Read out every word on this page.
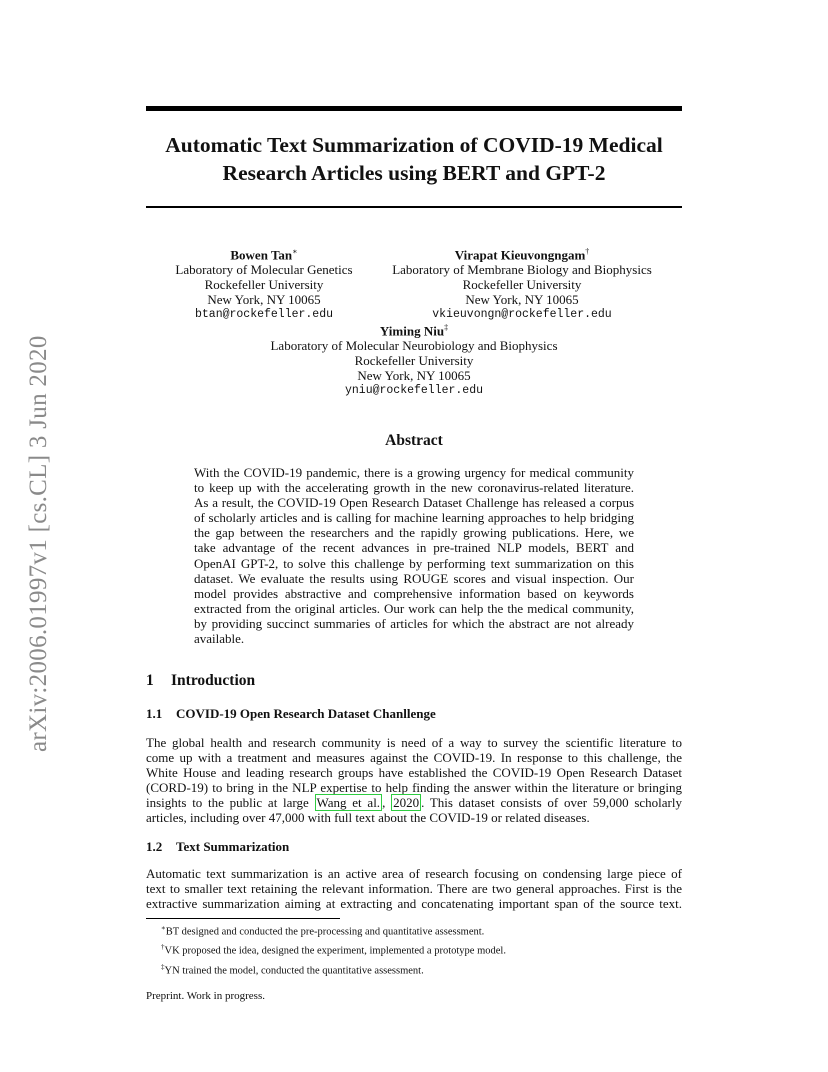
arXiv:2006.01997v1 [cs.CL] 3 Jun 2020
Automatic Text Summarization of COVID-19 Medical
Research Articles using BERT and GPT-2
Bowen Tan∗
Laboratory of Molecular Genetics
Rockefeller University
New York, NY 10065
btan@rockefeller.edu
Virapat Kieuvongngam†
Laboratory of Membrane Biology and Biophysics
Rockefeller University
New York, NY 10065
vkieuvongn@rockefeller.edu
Yiming Niu‡
Laboratory of Molecular Neurobiology and Biophysics
Rockefeller University
New York, NY 10065
yniu@rockefeller.edu
Abstract
With the COVID-19 pandemic, there is a growing urgency for medical community
to keep up with the accelerating growth in the new coronavirus-related literature.
As a result, the COVID-19 Open Research Dataset Challenge has released a corpus
of scholarly articles and is calling for machine learning approaches to help bridging
the gap between the researchers and the rapidly growing publications. Here, we
take advantage of the recent advances in pre-trained NLP models, BERT and
OpenAI GPT-2, to solve this challenge by performing text summarization on this
dataset. We evaluate the results using ROUGE scores and visual inspection. Our
model provides abstractive and comprehensive information based on keywords
extracted from the original articles. Our work can help the the medical community,
by providing succinct summaries of articles for which the abstract are not already
available.
1 Introduction
1.1 COVID-19 Open Research Dataset Chanllenge
The global health and research community is need of a way to survey the scientific literature to
come up with a treatment and measures against the COVID-19. In response to this challenge, the
White House and leading research groups have established the COVID-19 Open Research Dataset
(CORD-19) to bring in the NLP expertise to help finding the answer within the literature or bringing
insights to the public at large Wang et al. , 2020 . This dataset consists of over 59,000 scholarly
articles, including over 47,000 with full text about the COVID-19 or related diseases.
1.2 Text Summarization
Automatic text summarization is an active area of research focusing on condensing large piece of
text to smaller text retaining the relevant information. There are two general approaches. First is the
extractive summarization aiming at extracting and concatenating important span of the source text.
∗BT designed and conducted the pre-processing and quantitative assessment.
†VK proposed the idea, designed the experiment, implemented a prototype model.
‡YN trained the model, conducted the quantitative assessment.
Preprint. Work in progress.
